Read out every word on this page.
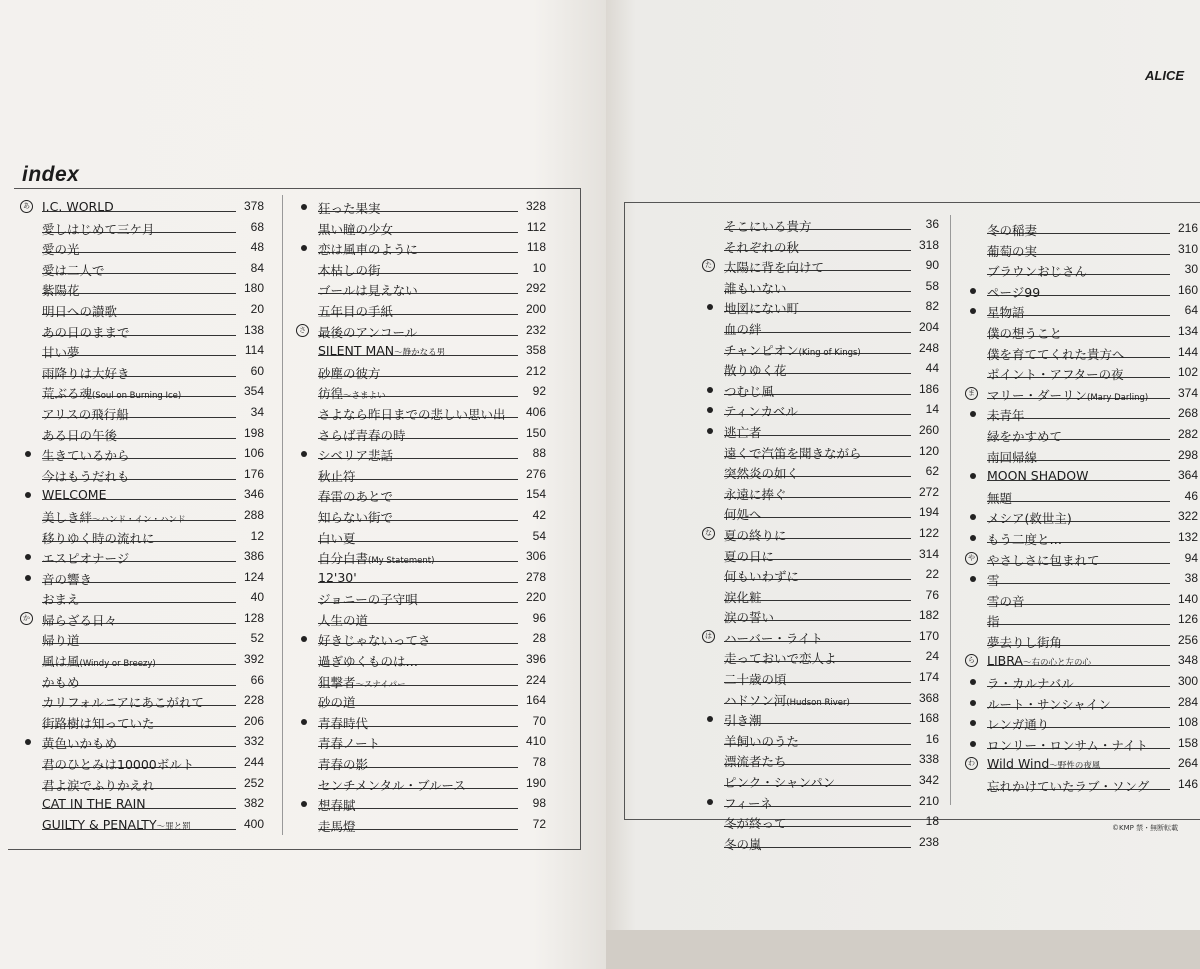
index
ALICE
©KMP 禁・無断転載
あ I.C. WORLD	378
愛しはじめて三ケ月	68
愛の光	48
愛は二人で	84
紫陽花	180
明日への讃歌	20
あの日のままで	138
甘い夢	114
雨降りは大好き	60
荒ぶる魂(Soul on Burning Ice)	354
アリスの飛行船	34
ある日の午後	198
生きているから	106
今はもうだれも	176
WELCOME	346
美しき絆〜ハンド・イン・ハンド	288
移りゆく時の流れに	12
エスピオナージ	386
音の響き	124
おまえ	40
か 帰らざる日々	128
帰り道	52
風は風(Windy or Breezy)	392
かもめ	66
カリフォルニアにあこがれて	228
街路樹は知っていた	206
黄色いかもめ	332
君のひとみは10000ボルト	244
君よ涙でふりかえれ	252
CAT IN THE RAIN	382
GUILTY & PENALTY〜罪と罰	400
狂った果実	328
黒い瞳の少女	112
恋は風車のように	118
木枯しの街	10
ゴールは見えない	292
五年目の手紙	200
さ 最後のアンコール	232
SILENT MAN〜静かなる男	358
砂塵の彼方	212
彷徨〜さまよい	92
さよなら昨日までの悲しい思い出 406
さらば青春の時	150
シベリア悲話	88
秋止符	276
春雷のあとで	154
知らない街で	42
白い夏	54
自分白書(My Statement)	306
12'30'	278
ジョニーの子守唄	220
人生の道	96
好きじゃないってさ	28
過ぎゆくものは…	396
狙撃者〜スナイパー	224
砂の道	164
青春時代	70
青春ノート	410
青春の影	78
センチメンタル・ブルース	190
想春賦	98
走馬燈	72
そこにいる貴方	36
それぞれの秋	318
た 太陽に背を向けて	90
誰もいない	58
地図にない町	82
血の絆	204
チャンピオン(King of Kings)	248
散りゆく花	44
つむじ風	186
ティンカベル	14
逃亡者	260
遠くで汽笛を聞きながら	120
突然炎の如く	62
永遠に捧ぐ	272
何処へ	194
な 夏の終りに	122
夏の日に	314
何もいわずに	22
涙化粧	76
涙の誓い	182
は ハーバー・ライト	170
走っておいで恋人よ	24
二十歳の頃	174
ハドソン河(Hudson River)	368
引き潮	168
羊飼いのうた	16
漂流者たち	338
ピンク・シャンパン	342
フィーネ	210
冬が終って	18
冬の嵐	238
冬の稲妻	216
葡萄の実	310
ブラウンおじさん	30
ページ99	160
星物語	64
僕の想うこと	134
僕を育ててくれた貴方へ	144
ポイント・アフターの夜	102
ま マリー・ダーリン(Mary Darling) 374
未青年	268
緑をかすめて	282
南回帰線	298
MOON SHADOW	364
無題	46
メシア(救世主)	322
もう二度と…	132
や やさしさに包まれて	94
雪	38
雪の音	140
指	126
夢去りし街角	256
ら LIBRA〜右の心と左の心	348
ラ・カルナバル	300
ルート・サンシャイン	284
レンガ通り	108
ロンリー・ロンサム・ナイト 158
わ Wild Wind〜野性の夜風	264
忘れかけていたラブ・ソング 146
